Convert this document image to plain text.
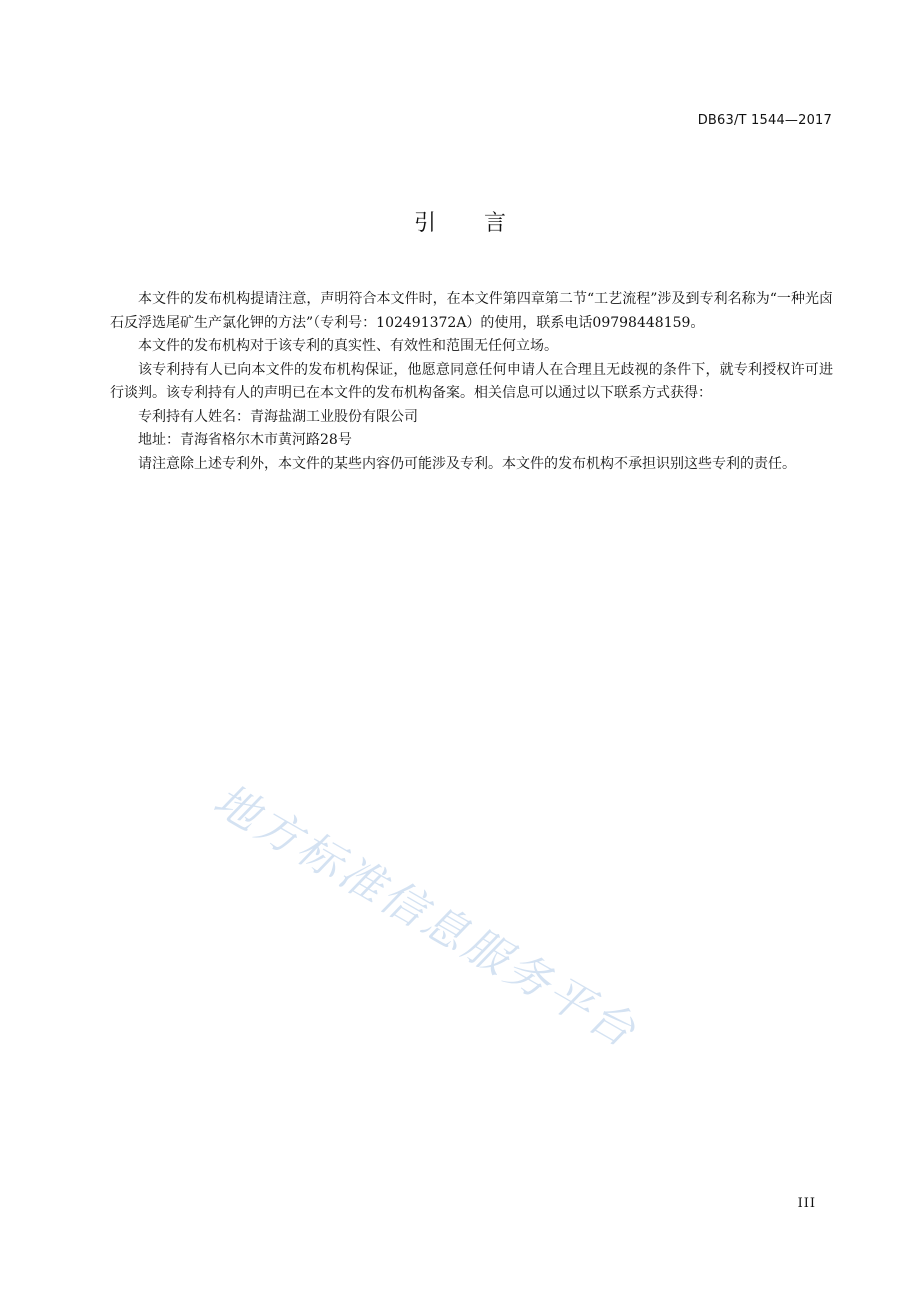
DB63/T 1544—2017
引言

本文件的发布机构提请注意，声明符合本文件时，在本文件第四章第二节“工艺流程”涉及到专利名称为“一种光卤石反浮选尾矿生产氯化钾的方法”（专利号：102491372A）的使用，联系电话09798448159。

本文件的发布机构对于该专利的真实性、有效性和范围无任何立场。

该专利持有人已向本文件的发布机构保证，他愿意同意任何申请人在合理且无歧视的条件下，就专利授权许可进行谈判。该专利持有人的声明已在本文件的发布机构备案。相关信息可以通过以下联系方式获得：

专利持有人姓名：青海盐湖工业股份有限公司

地址：青海省格尔木市黄河路28号

请注意除上述专利外，本文件的某些内容仍可能涉及专利。本文件的发布机构不承担识别这些专利的责任。

地方标准信息服务平台
III
